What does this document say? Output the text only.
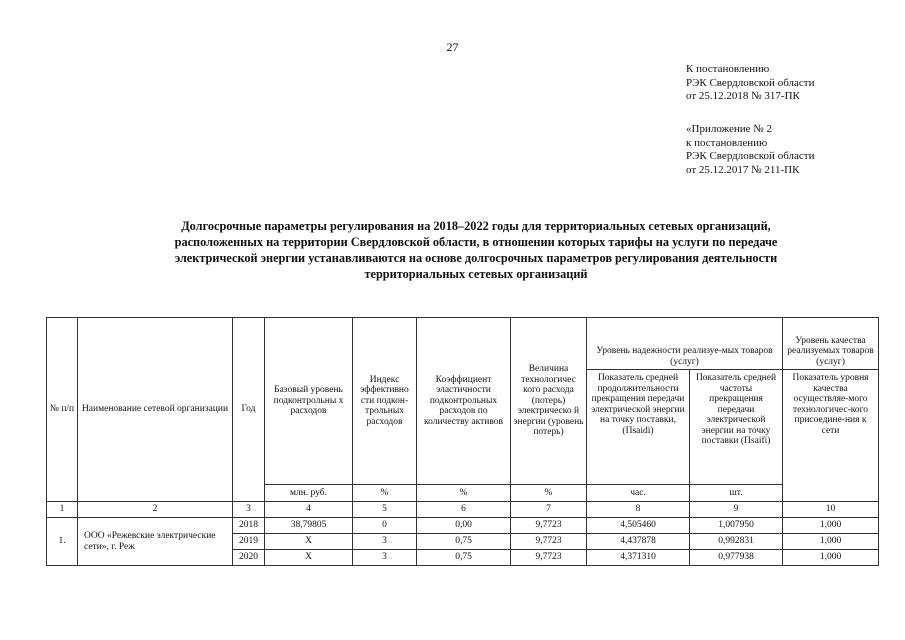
27
К постановлению
РЭК Свердловской области
от 25.12.2018 № 317-ПК
«Приложение № 2
к постановлению
РЭК Свердловской области
от 25.12.2017 № 211-ПК
Долгосрочные параметры регулирования на 2018–2022 годы для территориальных сетевых организаций,
расположенных на территории Свердловской области, в отношении которых тарифы на услуги по передаче
электрической энергии устанавливаются на основе долгосрочных параметров регулирования деятельности
территориальных сетевых организаций
№ п/п	Наименование сетевой организации	Год	Базовый уровень подконтрольны х расходов	Индекс эффективно сти подкон-трольных расходов	Коэффициент эластичности подконтрольных расходов по количеству активов	Величина технологичес кого расхода (потерь) электрическо й энергии (уровень потерь)	Уровень надежности реализуе-мых товаров (услуг)		Уровень качества реализуемых товаров (услуг)
							Показатель средней продолжительности прекращения передачи электрической энергии на точку поставки, (Пsaidi)	Показатель средней частоты прекращения передачи электрической энергии на точку поставки (Пsaifi)	Показатель уровня качества осуществляе-мого технологичес-кого присоедине-ния к сети
			млн. руб.	%	%	%	час.	шт.	
1	2	3	4	5	6	7	8	9	10
1.	ООО «Режевские электрические сети», г. Реж	2018	38,79805	0	0,00	9,7723	4,505460	1,007950	1,000
		2019	Х	3	0,75	9,7723	4,437878	0,992831	1,000
		2020	Х	3	0,75	9,7723	4,371310	0,977938	1,000
